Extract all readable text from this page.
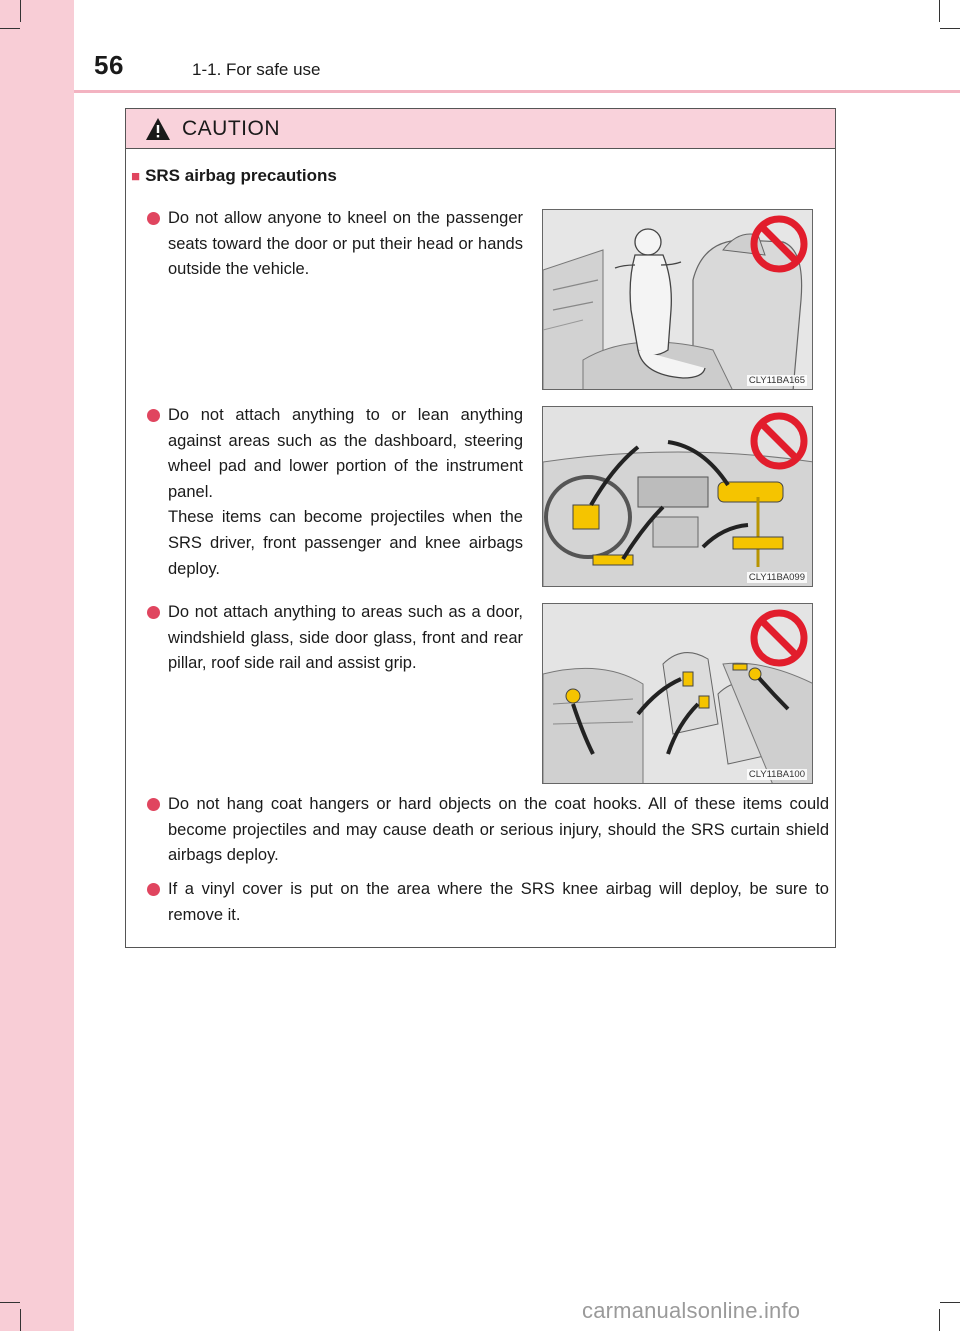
56	1-1. For safe use
CAUTION
■ SRS airbag precautions

Do not allow anyone to kneel on the passenger seats toward the door or put their head or hands outside the vehicle.

Do not attach anything to or lean anything against areas such as the dashboard, steering wheel pad and lower portion of the instrument panel.

These items can become projectiles when the SRS driver, front passenger and knee airbags deploy.

Do not attach anything to areas such as a door, windshield glass, side door glass, front and rear pillar, roof side rail and assist grip.

Do not hang coat hangers or hard objects on the coat hooks. All of these items could become projectiles and may cause death or serious injury, should the SRS curtain shield airbags deploy.

If a vinyl cover is put on the area where the SRS knee airbag will deploy, be sure to remove it.

CLY11BA165
CLY11BA099
CLY11BA100
carmanualsonline.info
